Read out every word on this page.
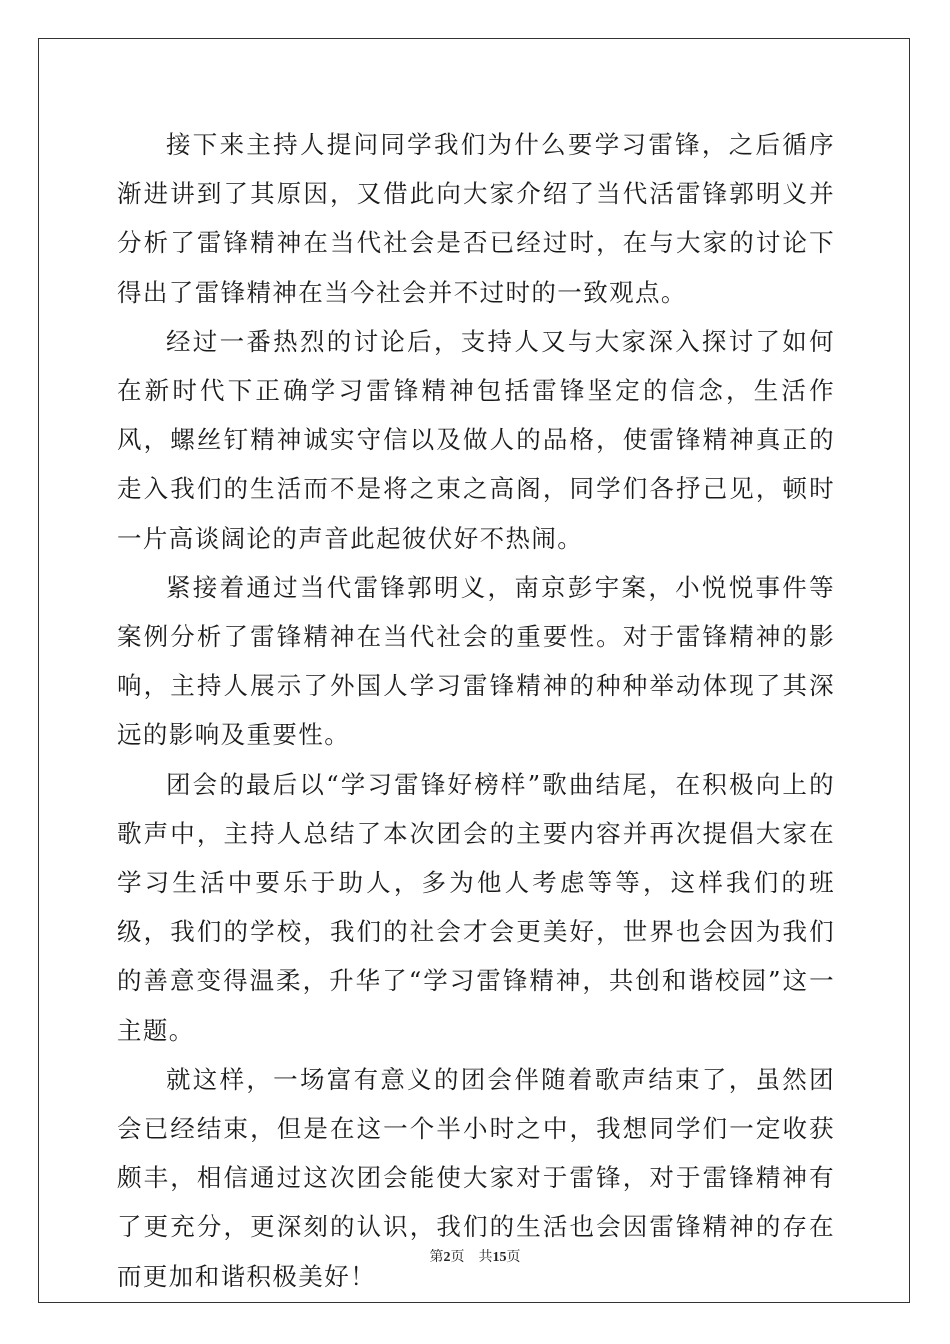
接下来主持人提问同学我们为什么要学习雷锋，之后循序渐进讲到了其原因，又借此向大家介绍了当代活雷锋郭明义并分析了雷锋精神在当代社会是否已经过时，在与大家的讨论下得出了雷锋精神在当今社会并不过时的一致观点。

经过一番热烈的讨论后，支持人又与大家深入探讨了如何在新时代下正确学习雷锋精神包括雷锋坚定的信念，生活作风，螺丝钉精神诚实守信以及做人的品格，使雷锋精神真正的走入我们的生活而不是将之束之高阁，同学们各抒己见，顿时一片高谈阔论的声音此起彼伏好不热闹。

紧接着通过当代雷锋郭明义，南京彭宇案，小悦悦事件等案例分析了雷锋精神在当代社会的重要性。对于雷锋精神的影响，主持人展示了外国人学习雷锋精神的种种举动体现了其深远的影响及重要性。

团会的最后以“学习雷锋好榜样”歌曲结尾，在积极向上的歌声中，主持人总结了本次团会的主要内容并再次提倡大家在学习生活中要乐于助人，多为他人考虑等等，这样我们的班级，我们的学校，我们的社会才会更美好，世界也会因为我们的善意变得温柔，升华了“学习雷锋精神，共创和谐校园”这一主题。

就这样，一场富有意义的团会伴随着歌声结束了，虽然团会已经结束，但是在这一个半小时之中，我想同学们一定收获颇丰，相信通过这次团会能使大家对于雷锋，对于雷锋精神有了更充分，更深刻的认识，我们的生活也会因雷锋精神的存在而更加和谐积极美好！

第2页 共15页
